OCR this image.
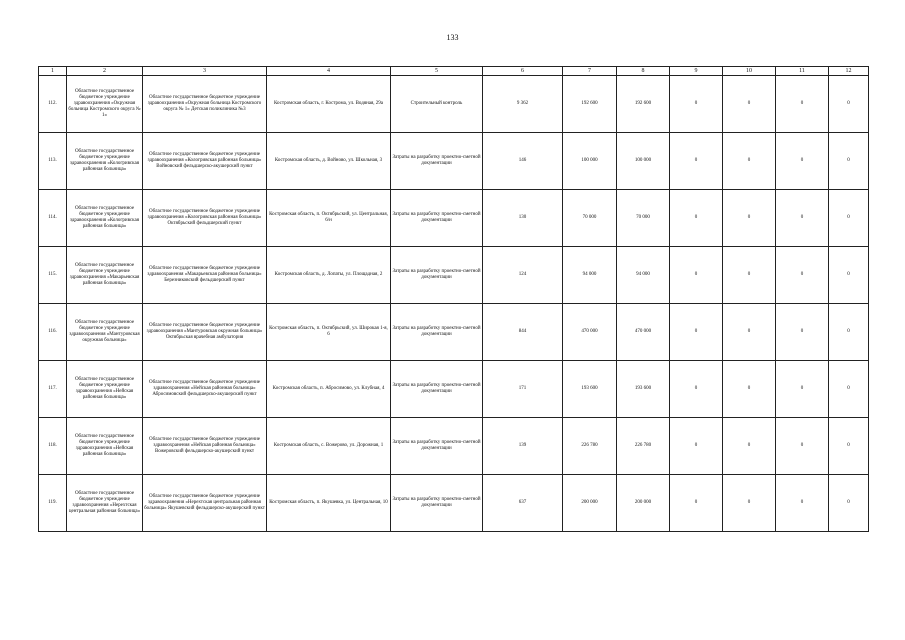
133
1	2	3	4	5	6	7	8	9	10	11	12
112.	Областное государственное бюджетное учреждение здравоохранения «Окружная больница Костромского округа № 1»	Областное государственное бюджетное учреждение здравоохранения «Окружная больница Костромского округа № 1» Детская поликлиника №3	Костромская область, г. Кострома, ул. Водяная, 29а	Строительный контроль	9 362	192 600	192 600	0	0	0	0
113.	Областное государственное бюджетное учреждение здравоохранения «Кологривская районная больница»	Областное государственное бюджетное учреждение здравоохранения «Кологривская районная больница» Войновский фельдшерско-акушерский пункт	Костромская область, д. Войново, ул. Школьная, 3	Затраты на разработку проектно-сметной документации	146	100 000	100 000	0	0	0	0
114.	Областное государственное бюджетное учреждение здравоохранения «Кологривская районная больница»	Областное государственное бюджетное учреждение здравоохранения «Кологривская районная больница» Октябрьский фельдшерский пункт	Костромская область, п. Октябрьский, ул. Центральная, 6/н	Затраты на разработку проектно-сметной документации	130	70 000	70 000	0	0	0	0
115.	Областное государственное бюджетное учреждение здравоохранения «Макарьевская районная больница»	Областное государственное бюджетное учреждение здравоохранения «Макарьевская районная больница» Березниковский фельдшерский пункт	Костромская область, д. Лопаты, ул. Площадная, 2	Затраты на разработку проектно-сметной документации	124	94 000	94 000	0	0	0	0
116.	Областное государственное бюджетное учреждение здравоохранения «Мантуровская окружная больница»	Областное государственное бюджетное учреждение здравоохранения «Мантуровская окружная больница» Октябрьская врачебная амбулатория	Костромская область, п. Октябрьский, ул. Широкая 1-я, 6	Затраты на разработку проектно-сметной документации	844	470 000	470 000	0	0	0	0
117.	Областное государственное бюджетное учреждение здравоохранения «Нейская районная больница»	Областное государственное бюджетное учреждение здравоохранения «Нейская районная больница» Абросимовский фельдшерско-акушерский пункт	Костромская область, п. Абросимово, ул. Клубная, 4	Затраты на разработку проектно-сметной документации	171	193 600	193 600	0	0	0	0
118.	Областное государственное бюджетное учреждение здравоохранения «Нейская районная больница»	Областное государственное бюджетное учреждение здравоохранения «Нейская районная больница» Вожеровский фельдшерско-акушерский пункт	Костромская область, с. Вожерово, ул. Дорожная, 1	Затраты на разработку проектно-сметной документации	139	226 780	226 780	0	0	0	0
119.	Областное государственное бюджетное учреждение здравоохранения «Нерехтская центральная районная больница»	Областное государственное бюджетное учреждение здравоохранения «Нерехтская центральная районная больница» Якушевский фельдшерско-акушерский пункт	Костромская область, п. Якушевка, ул. Центральная, 10	Затраты на разработку проектно-сметной документации	637	200 000	200 000	0	0	0	0
